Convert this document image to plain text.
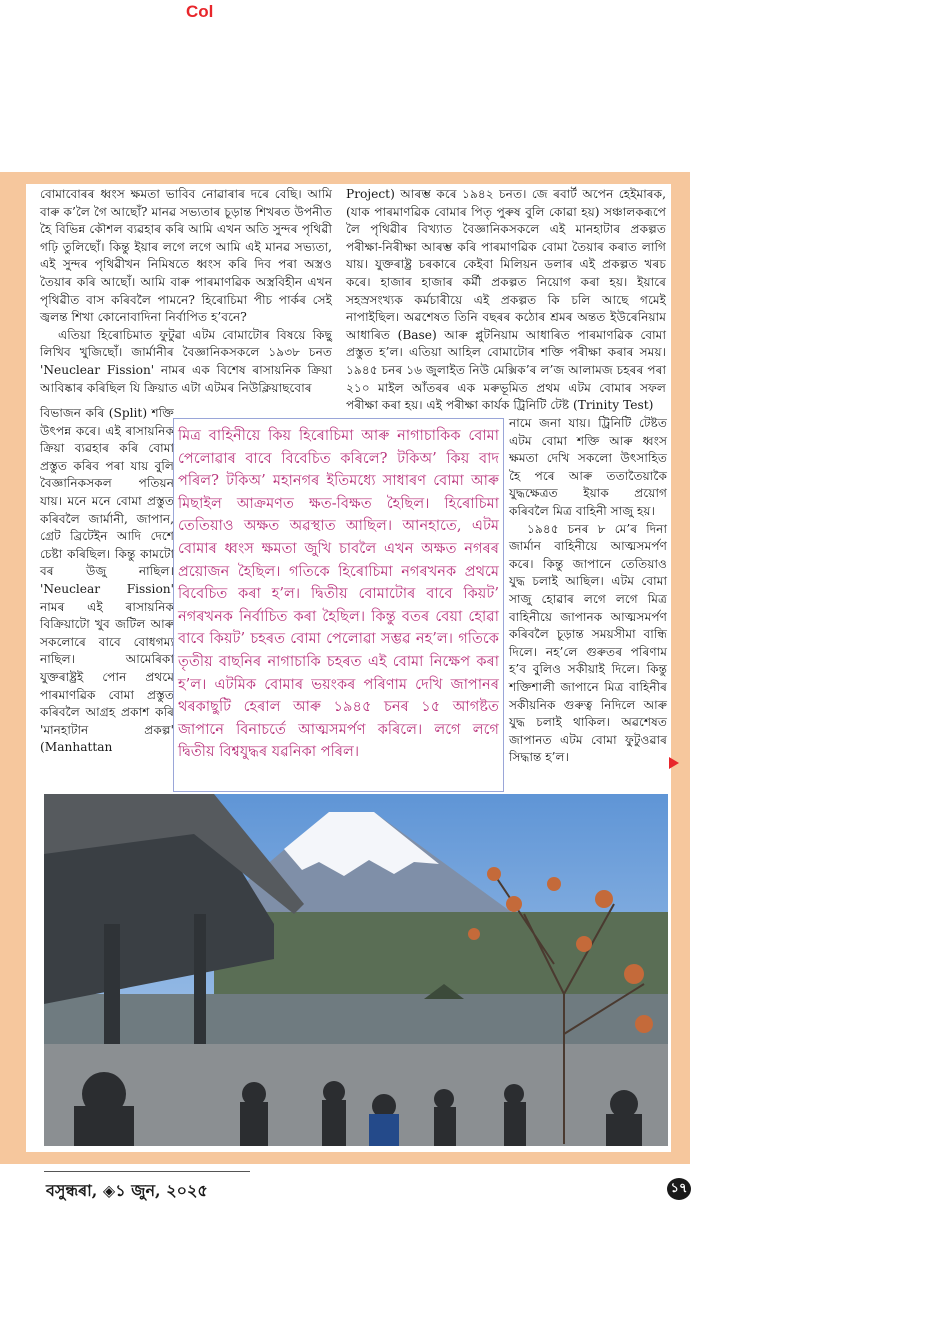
Col

বোমাবোৰৰ ধ্বংস ক্ষমতা ভাবিব নোৱাৰাৰ দৰে বেছি। আমি বাৰু ক’লৈ গৈ আছোঁ? মানৱ সভ্যতাৰ চূড়ান্ত শিখৰত উপনীত হৈ বিভিন্ন কৌশল ব্যৱহাৰ কৰি আমি এখন অতি সুন্দৰ পৃথিৱী গঢ়ি তুলিছোঁ। কিন্তু ইয়াৰ লগে লগে আমি এই মানৱ সভ্যতা, এই সুন্দৰ পৃথিৱীখন নিমিষতে ধ্বংস কৰি দিব পৰা অস্ত্রও তৈয়াৰ কৰি আছোঁ। আমি বাৰু পাৰমাণৱিক অস্ত্রবিহীন এখন পৃথিৱীত বাস কৰিবলৈ পামনে? হিৰোচিমা পীচ পাৰ্কৰ সেই জ্বলন্ত শিখা কোনোবাদিনা নিৰ্বাপিত হ’বনে?

এতিয়া হিৰোচিমাত ফুটুৱা এটম বোমাটোৰ বিষয়ে কিছু লিখিব খুজিছোঁ। জাৰ্মানীৰ বৈজ্ঞানিকসকলে ১৯৩৮ চনত 'Neuclear Fission' নামৰ এক বিশেষ ৰাসায়নিক ক্রিয়া আবিষ্কাৰ কৰিছিল যি ক্রিয়াত এটা এটমৰ নিউক্লিয়াছবোৰ

বিভাজন কৰি (Split) শক্তি উৎপন্ন কৰে। এই ৰাসায়নিক ক্রিয়া ব্যৱহাৰ কৰি বোমা প্ৰস্তুত কৰিব পৰা যায় বুলি বৈজ্ঞানিকসকল পতিয়ন যায়। মনে মনে বোমা প্ৰস্তুত কৰিবলৈ জাৰ্মানী, জাপান, গ্ৰেট ব্ৰিটেইন আদি দেশে চেষ্টা কৰিছিল। কিন্তু কামটো বৰ উজু নাছিল। 'Neuclear Fission' নামৰ এই ৰাসায়নিক বিক্ৰিয়াটো খুব জটিল আৰু সকলোৰে বাবে বোধগম্য নাছিল। আমেৰিকা যুক্তৰাষ্ট্ৰই পোন প্ৰথমে পাৰমাণৱিক বোমা প্ৰস্তুত কৰিবলৈ আগ্ৰহ প্ৰকাশ কৰি 'মানহাটান প্ৰকল্প' (Manhattan

Project) আৰম্ভ কৰে ১৯৪২ চনত। জে ৰবাৰ্ট অপেন হেইমাৰক, (যাক পাৰমাণৱিক বোমাৰ পিতৃ পুৰুষ বুলি কোৱা হয়) সঞ্চালকৰূপে লৈ পৃথিৱীৰ বিখ্যাত বৈজ্ঞানিকসকলে এই মানহাটাৰ প্ৰকল্পত পৰীক্ষা-নিৰীক্ষা আৰম্ভ কৰি পাৰমাণৱিক বোমা তৈয়াৰ কৰাত লাগি যায়। যুক্তৰাষ্ট্ৰ চৰকাৰে কেইবা মিলিয়ন ডলাৰ এই প্ৰকল্পত খৰচ কৰে। হাজাৰ হাজাৰ কৰ্মী প্ৰকল্পত নিয়োগ কৰা হয়। ইয়াৰে সহস্ৰসংখ্যক কৰ্মচাৰীয়ে এই প্ৰকল্পত কি চলি আছে গমেই নাপাইছিল। অৱশেষত তিনি বছৰৰ কঠোৰ শ্ৰমৰ অন্তত ইউৰেনিয়াম আধাৰিত (Base) আৰু প্লুটনিয়াম আধাৰিত পাৰমাণৱিক বোমা প্ৰস্তুত হ’ল। এতিয়া আহিল বোমাটোৰ শক্তি পৰীক্ষা কৰাৰ সময়। ১৯৪৫ চনৰ ১৬ জুলাইত নিউ মেক্সিক’ৰ ল’জ আলামজ চহৰৰ পৰা ২১০ মাইল আঁতৰৰ এক মৰুভূমিত প্ৰথম এটম বোমাৰ সফল পৰীক্ষা কৰা হয়। এই পৰীক্ষা কাৰ্যক ট্ৰিনিটি টেষ্ট (Trinity Test)

নামে জনা যায়। ট্ৰিনিটি টেষ্টত এটম বোমা শক্তি আৰু ধ্বংস ক্ষমতা দেখি সকলো উৎসাহিত হৈ পৰে আৰু ততাতৈয়াকৈ যুদ্ধক্ষেত্ৰত ইয়াক প্ৰয়োগ কৰিবলৈ মিত্ৰ বাহিনী সাজু হয়।

১৯৪৫ চনৰ ৮ মে’ৰ দিনা জাৰ্মান বাহিনীয়ে আত্মসমৰ্পণ কৰে। কিন্তু জাপানে তেতিয়াও যুদ্ধ চলাই আছিল। এটম বোমা সাজু হোৱাৰ লগে লগে মিত্ৰ বাহিনীয়ে জাপানক আত্মসমৰ্পণ কৰিবলৈ চূড়ান্ত সময়সীমা বান্ধি দিলে। নহ’লে গুৰুতৰ পৰিণাম হ’ব বুলিও সকীয়াই দিলে। কিন্তু শক্তিশালী জাপানে মিত্ৰ বাহিনীৰ সকীয়নিক গুৰুত্ব নিদিলে আৰু যুদ্ধ চলাই থাকিল। অৱশেষত জাপানত এটম বোমা ফুটুওৱাৰ সিদ্ধান্ত হ’ল।

মিত্ৰ বাহিনীয়ে কিয় হিৰোচিমা আৰু নাগাচাকিক বোমা পেলোৱাৰ বাবে বিবেচিত কৰিলে? টকিঅ’ কিয় বাদ পৰিল? টকিঅ’ মহানগৰ ইতিমধ্যে সাধাৰণ বোমা আৰু মিছাইল আক্ৰমণত ক্ষত-বিক্ষত হৈছিল। হিৰোচিমা তেতিয়াও অক্ষত অৱস্থাত আছিল। আনহাতে, এটম বোমাৰ ধ্বংস ক্ষমতা জুখি চাবলৈ এখন অক্ষত নগৰৰ প্ৰয়োজন হৈছিল। গতিকে হিৰোচিমা নগৰখনক প্ৰথমে বিবেচিত কৰা হ’ল। দ্বিতীয় বোমাটোৰ বাবে কিয়ট’ নগৰখনক নিৰ্বাচিত কৰা হৈছিল। কিন্তু বতৰ বেয়া হোৱা বাবে কিয়ট’ চহৰত বোমা পেলোৱা সম্ভৱ নহ’ল। গতিকে তৃতীয় বাছনিৰ নাগাচাকি চহৰত এই বোমা নিক্ষেপ কৰা হ’ল। এটমিক বোমাৰ ভয়ংকৰ পৰিণাম দেখি জাপানৰ থৰকাছুটি হেৰাল আৰু ১৯৪৫ চনৰ ১৫ আগষ্টত জাপানে বিনাচৰ্তে আত্মসমৰ্পণ কৰিলে। লগে লগে দ্বিতীয় বিশ্বযুদ্ধৰ যৱনিকা পৰিল।
বসুন্ধৰা, ◈১ জুন, ২০২৫	১৭
